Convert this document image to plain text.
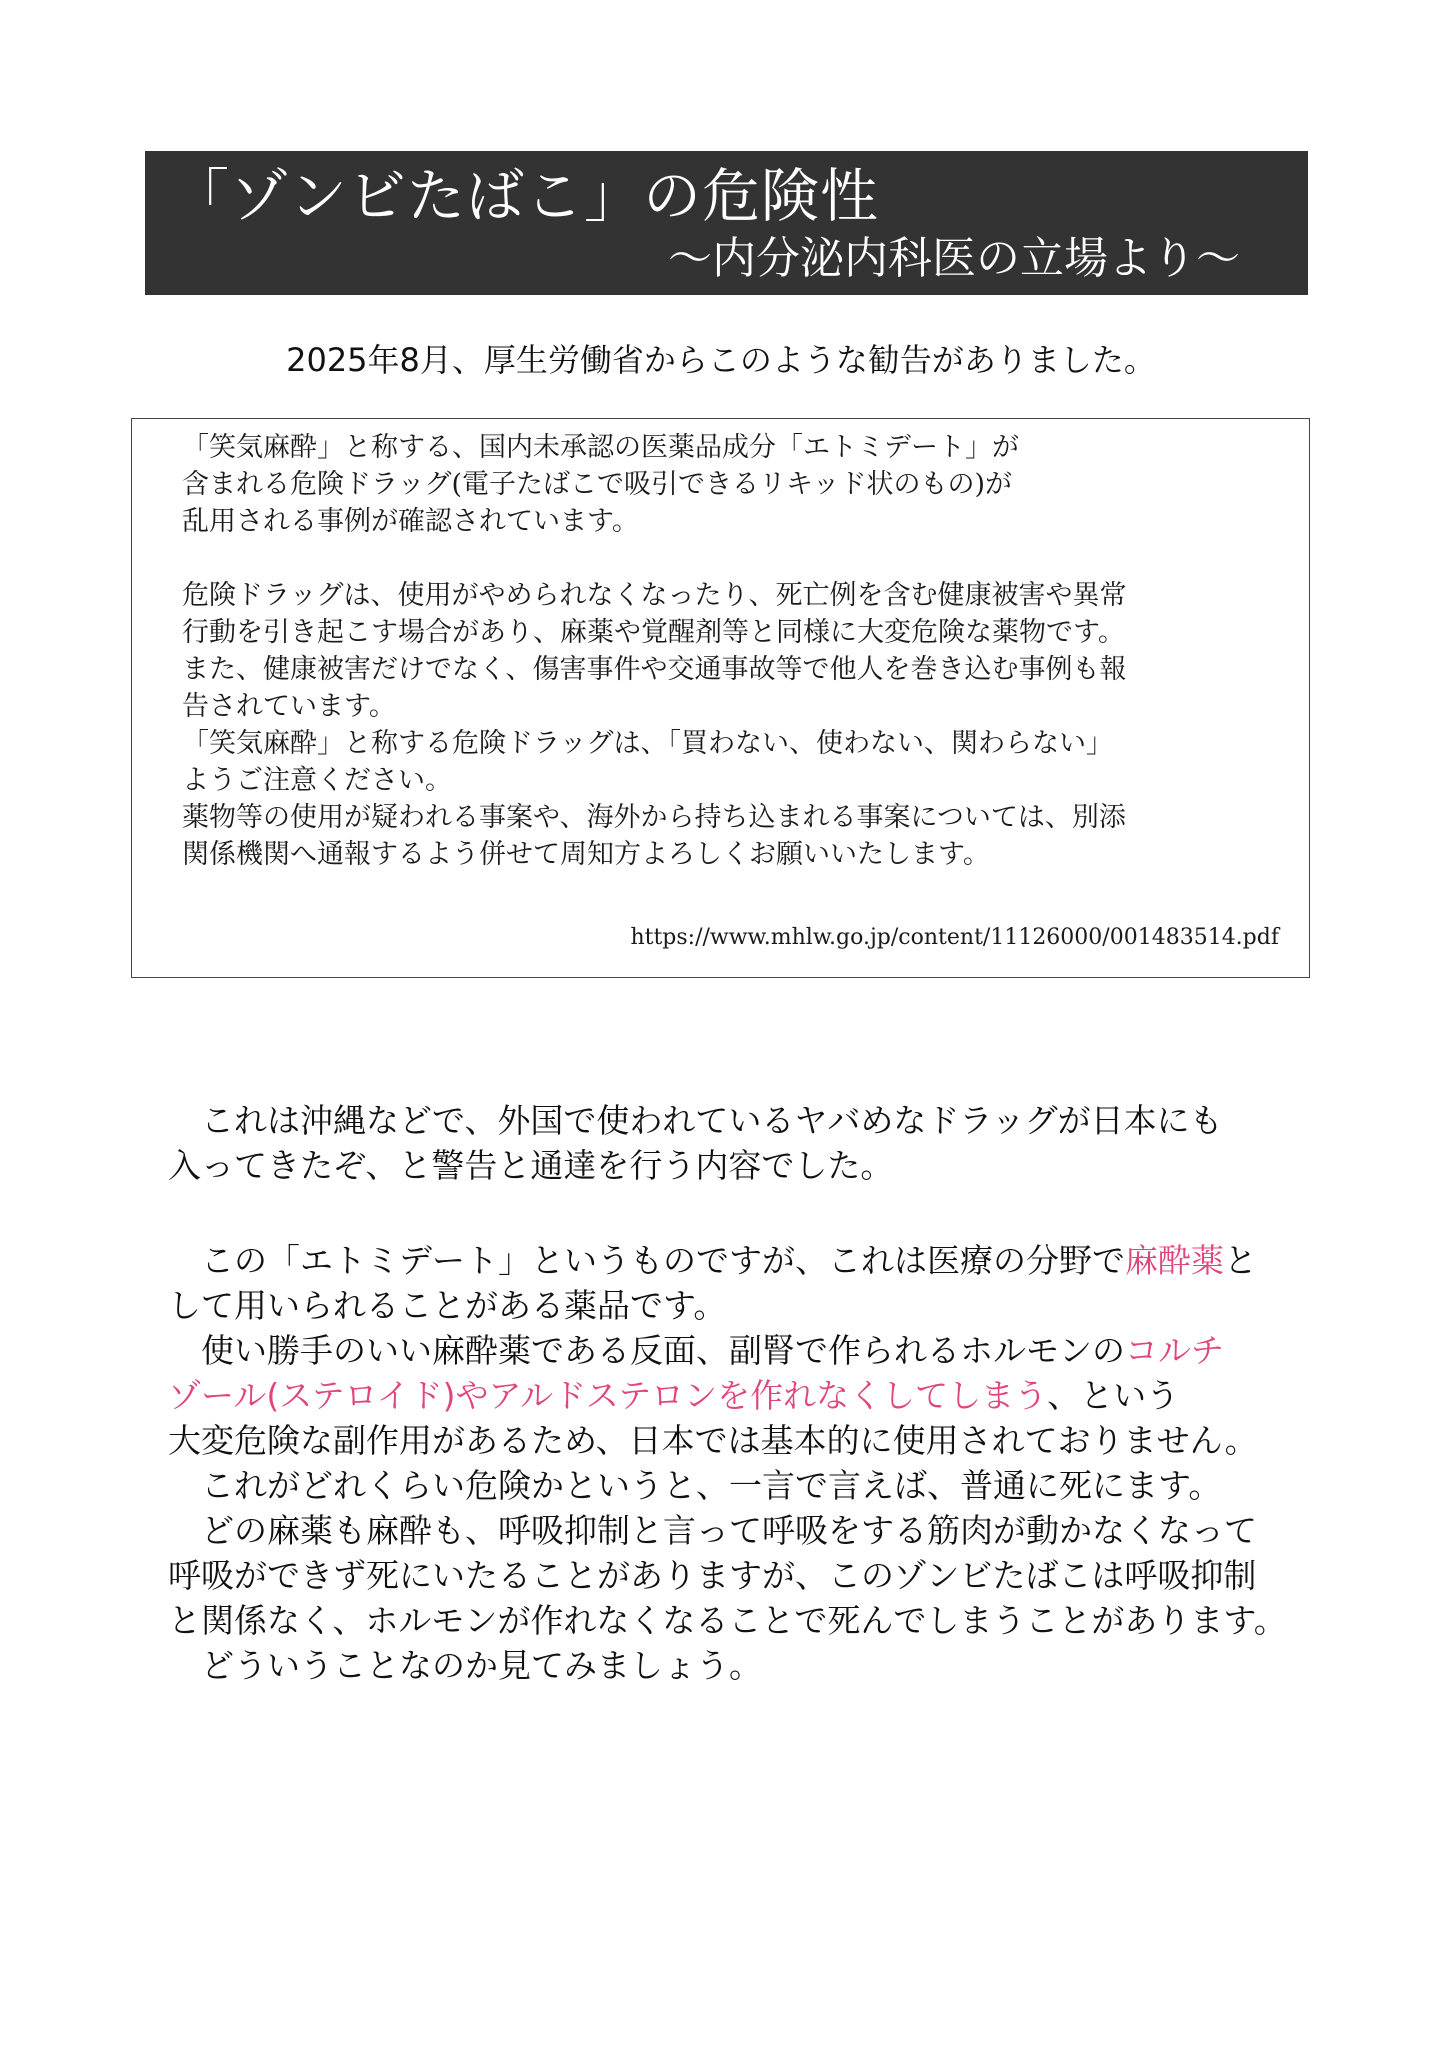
「ゾンビたばこ」の危険性
〜内分泌内科医の立場より〜
2025年8月、厚生労働省からこのような勧告がありました。
「笑気麻酔」と称する、国内未承認の医薬品成分「エトミデート」が
含まれる危険ドラッグ(電子たばこで吸引できるリキッド状のもの)が
乱用される事例が確認されています。
危険ドラッグは、使用がやめられなくなったり、死亡例を含む健康被害や異常
行動を引き起こす場合があり、麻薬や覚醒剤等と同様に大変危険な薬物です。
また、健康被害だけでなく、傷害事件や交通事故等で他人を巻き込む事例も報
告されています。
「笑気麻酔」と称する危険ドラッグは、「買わない、使わない、関わらない」
ようご注意ください。
薬物等の使用が疑われる事案や、海外から持ち込まれる事案については、別添
関係機関へ通報するよう併せて周知方よろしくお願いいたします。
https://www.mhlw.go.jp/content/11126000/001483514.pdf
　これは沖縄などで、外国で使われているヤバめなドラッグが日本にも
入ってきたぞ、と警告と通達を行う内容でした。
　この「エトミデート」というものですが、これは医療の分野で麻酔薬と
して用いられることがある薬品です。
　使い勝手のいい麻酔薬である反面、副腎で作られるホルモンのコルチ
ゾール(ステロイド)やアルドステロンを作れなくしてしまう、という
大変危険な副作用があるため、日本では基本的に使用されておりません。
　これがどれくらい危険かというと、一言で言えば、普通に死にます。
　どの麻薬も麻酔も、呼吸抑制と言って呼吸をする筋肉が動かなくなって
呼吸ができず死にいたることがありますが、このゾンビたばこは呼吸抑制
と関係なく、ホルモンが作れなくなることで死んでしまうことがあります。
　どういうことなのか見てみましょう。
